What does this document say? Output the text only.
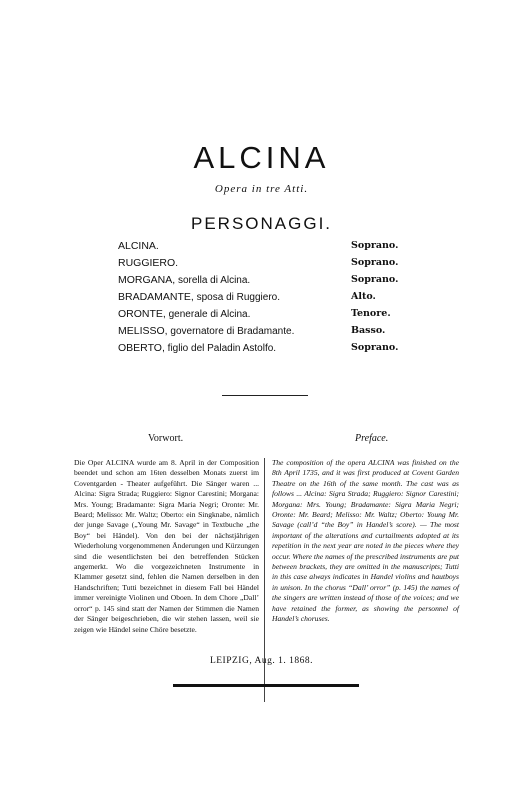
ALCINA
Opera in tre Atti.
PERSONAGGI.
ALCINA.	Soprano.
RUGGIERO.	Soprano.
MORGANA, sorella di Alcina.	Soprano.
BRADAMANTE, sposa di Ruggiero.	Alto.
ORONTE, generale di Alcina.	Tenore.
MELISSO, governatore di Bradamante.	Basso.
OBERTO, figlio del Paladin Astolfo.	Soprano.
Vorwort.	Preface.
Die Oper ALCINA wurde am 8. April in der Composition beendet und schon am 16ten desselben Monats zuerst im Coventgarden - Theater aufgeführt. Die Sänger waren ... Alcina: Sigra Strada; Ruggiero: Signor Carestini; Morgana: Mrs. Young; Bradamante: Sigra Maria Negri; Oronte: Mr. Beard; Melisso: Mr. Waltz; Oberto: ein Singknabe, nämlich der junge Savage („Young Mr. Savage“ in Textbuche „the Boy“ bei Händel). Von den bei der nächstjährigen Wiederholung vorgenommenen Änderungen und Kürzungen sind die wesentlichsten bei den betreffenden Stücken angemerkt. Wo die vorgezeichneten Instrumente in Klammer gesetzt sind, fehlen die Namen derselben in den Handschriften; Tutti bezeichnet in diesem Fall bei Händel immer vereinigte Violinen und Oboen. In dem Chore „Dall’ orror“ p. 145 sind statt der Namen der Stimmen die Namen der Sänger beigeschrieben, die wir stehen lassen, weil sie zeigen wie Händel seine Chöre besetzte.
The composition of the opera ALCINA was finished on the 8th April 1735, and it was first produced at Covent Garden Theatre on the 16th of the same month. The cast was as follows ... Alcina: Sigra Strada; Ruggiero: Signor Carestini; Morgana: Mrs. Young; Bradamante: Sigra Maria Negri; Oronte: Mr. Beard; Melisso: Mr. Waltz; Oberto: Young Mr. Savage (call’d “the Boy” in Handel’s score). — The most important of the alterations and curtailments adopted at its repetition in the next year are noted in the pieces where they occur. Where the names of the prescribed instruments are put between brackets, they are omitted in the manuscripts; Tutti in this case always indicates in Handel violins and hautboys in unison. In the chorus “Dall’ orror” (p. 145) the names of the singers are written instead of those of the voices; and we have retained the former, as showing the personnel of Handel’s choruses.
LEIPZIG, Aug. 1. 1868.
